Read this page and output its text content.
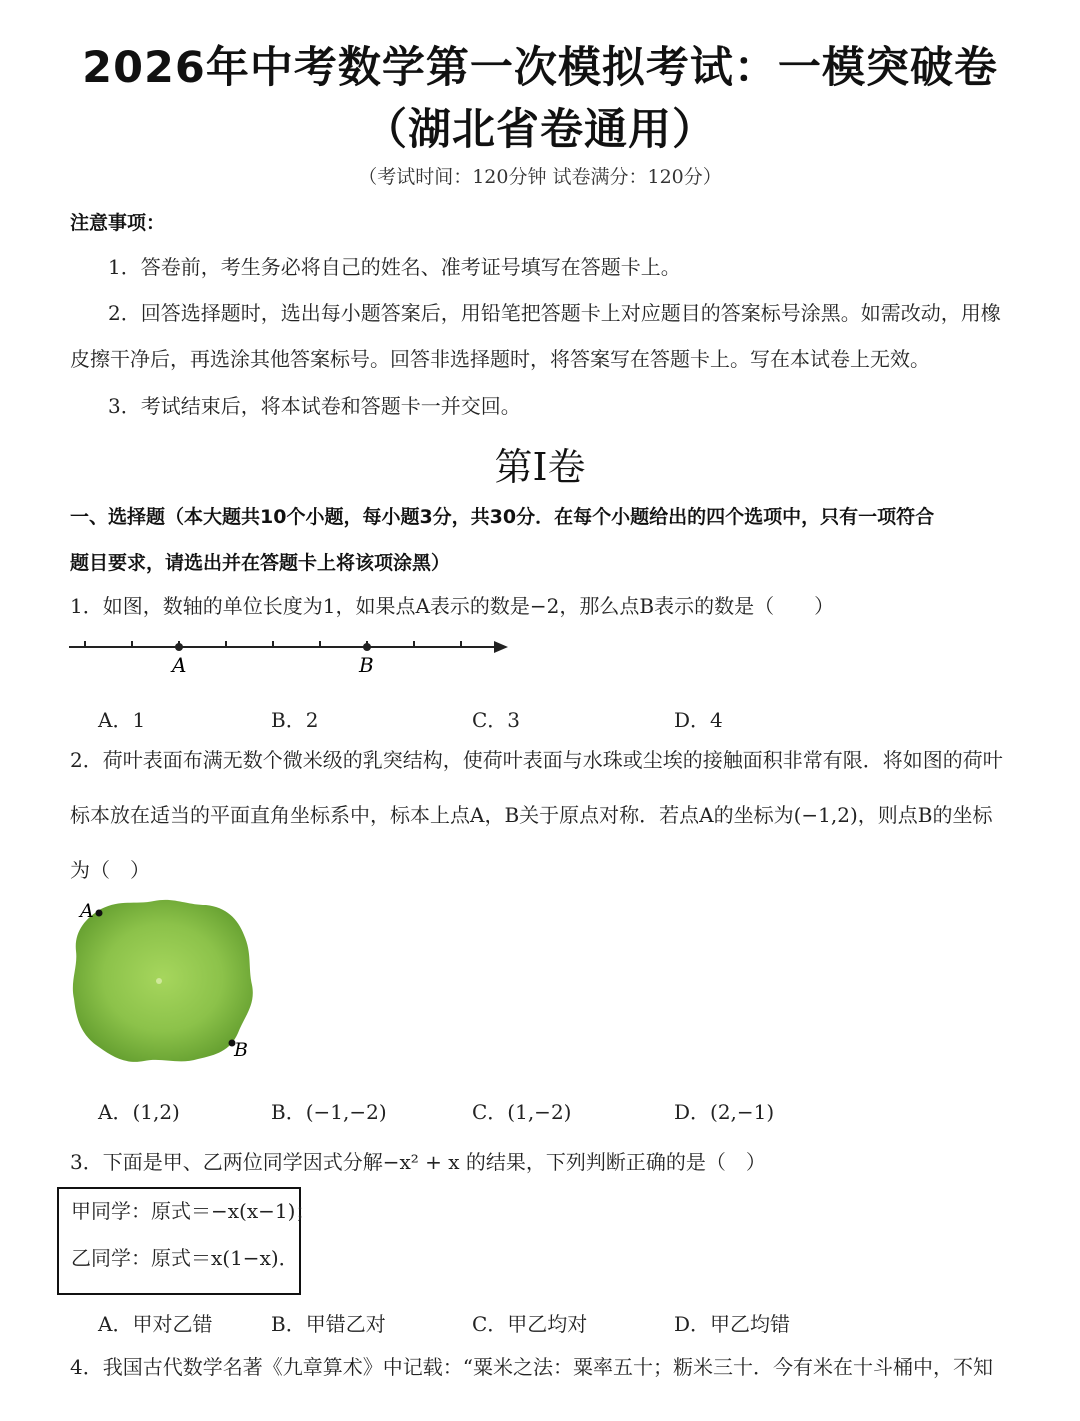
2026年中考数学第一次模拟考试：一模突破卷
（湖北省卷通用）
（考试时间：120分钟 试卷满分：120分）
注意事项：
1．答卷前，考生务必将自己的姓名、准考证号填写在答题卡上。
2．回答选择题时，选出每小题答案后，用铅笔把答题卡上对应题目的答案标号涂黑。如需改动，用橡
皮擦干净后，再选涂其他答案标号。回答非选择题时，将答案写在答题卡上。写在本试卷上无效。
3．考试结束后，将本试卷和答题卡一并交回。
第I卷
一、选择题（本大题共10个小题，每小题3分，共30分．在每个小题给出的四个选项中，只有一项符合
题目要求，请选出并在答题卡上将该项涂黑）
1．如图，数轴的单位长度为1，如果点A表示的数是−2，那么点B表示的数是（　　）
A	B
A．1	B．2	C．3	D．4
2．荷叶表面布满无数个微米级的乳突结构，使荷叶表面与水珠或尘埃的接触面积非常有限．将如图的荷叶
标本放在适当的平面直角坐标系中，标本上点A，B关于原点对称．若点A的坐标为(−1,2)，则点B的坐标
为（　）
A
B
A．(1,2)	B．(−1,−2)	C．(1,−2)	D．(2,−1)
3．下面是甲、乙两位同学因式分解−x² + x 的结果，下列判断正确的是（　）
甲同学：原式＝−x(x−1)；
乙同学：原式＝x(1−x)．
A．甲对乙错	B．甲错乙对	C．甲乙均对	D．甲乙均错
4．我国古代数学名著《九章算术》中记载：“粟米之法：粟率五十；粝米三十．今有米在十斗桶中，不知
